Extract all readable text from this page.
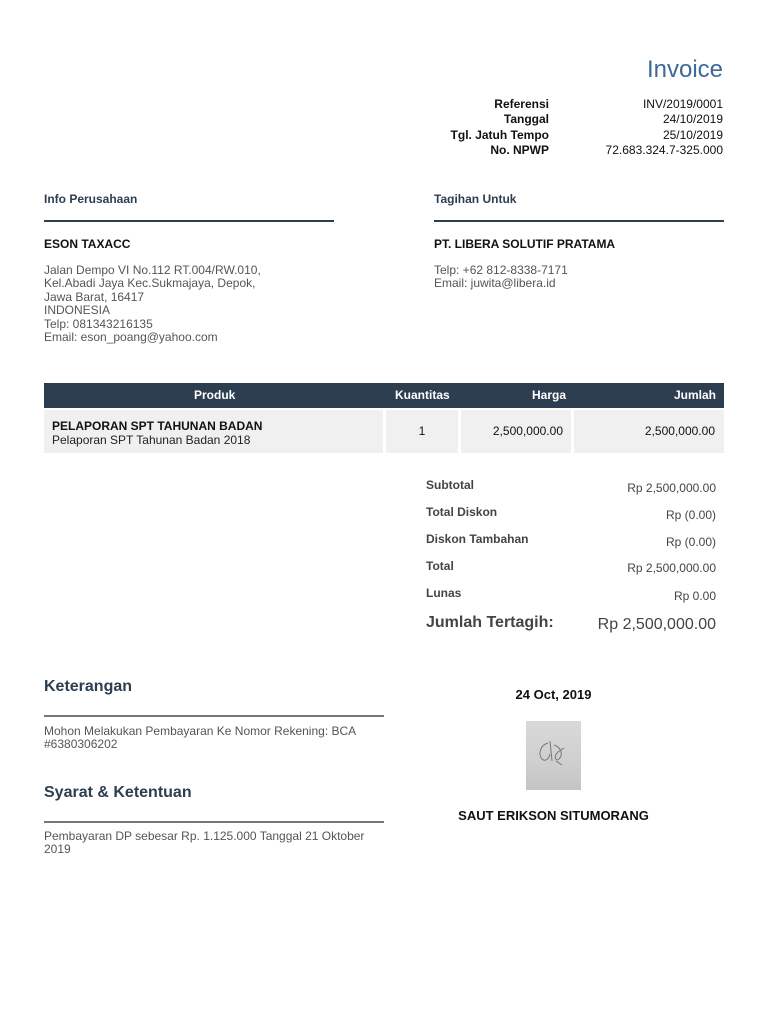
Invoice
Referensi	INV/2019/0001
Tanggal	24/10/2019
Tgl. Jatuh Tempo	25/10/2019
No. NPWP	72.683.324.7-325.000
Info Perusahaan
ESON TAXACC
Jalan Dempo VI No.112 RT.004/RW.010,
Kel.Abadi Jaya Kec.Sukmajaya, Depok,
Jawa Barat, 16417
INDONESIA
Telp: 081343216135
Email: eson_poang@yahoo.com
Tagihan Untuk
PT. LIBERA SOLUTIF PRATAMA
Telp: +62 812-8338-7171
Email: juwita@libera.id
Produk	Kuantitas	Harga	Jumlah
PELAPORAN SPT TAHUNAN BADAN
Pelaporan SPT Tahunan Badan 2018
1	2,500,000.00	2,500,000.00
Subtotal	Rp 2,500,000.00
Total Diskon	Rp (0.00)
Diskon Tambahan	Rp (0.00)
Total	Rp 2,500,000.00
Lunas	Rp 0.00
Jumlah Tertagih:	Rp 2,500,000.00
Keterangan
Mohon Melakukan Pembayaran Ke Nomor Rekening: BCA
#6380306202
Syarat & Ketentuan
Pembayaran DP sebesar Rp. 1.125.000 Tanggal 21 Oktober
2019
24 Oct, 2019
SAUT ERIKSON SITUMORANG
